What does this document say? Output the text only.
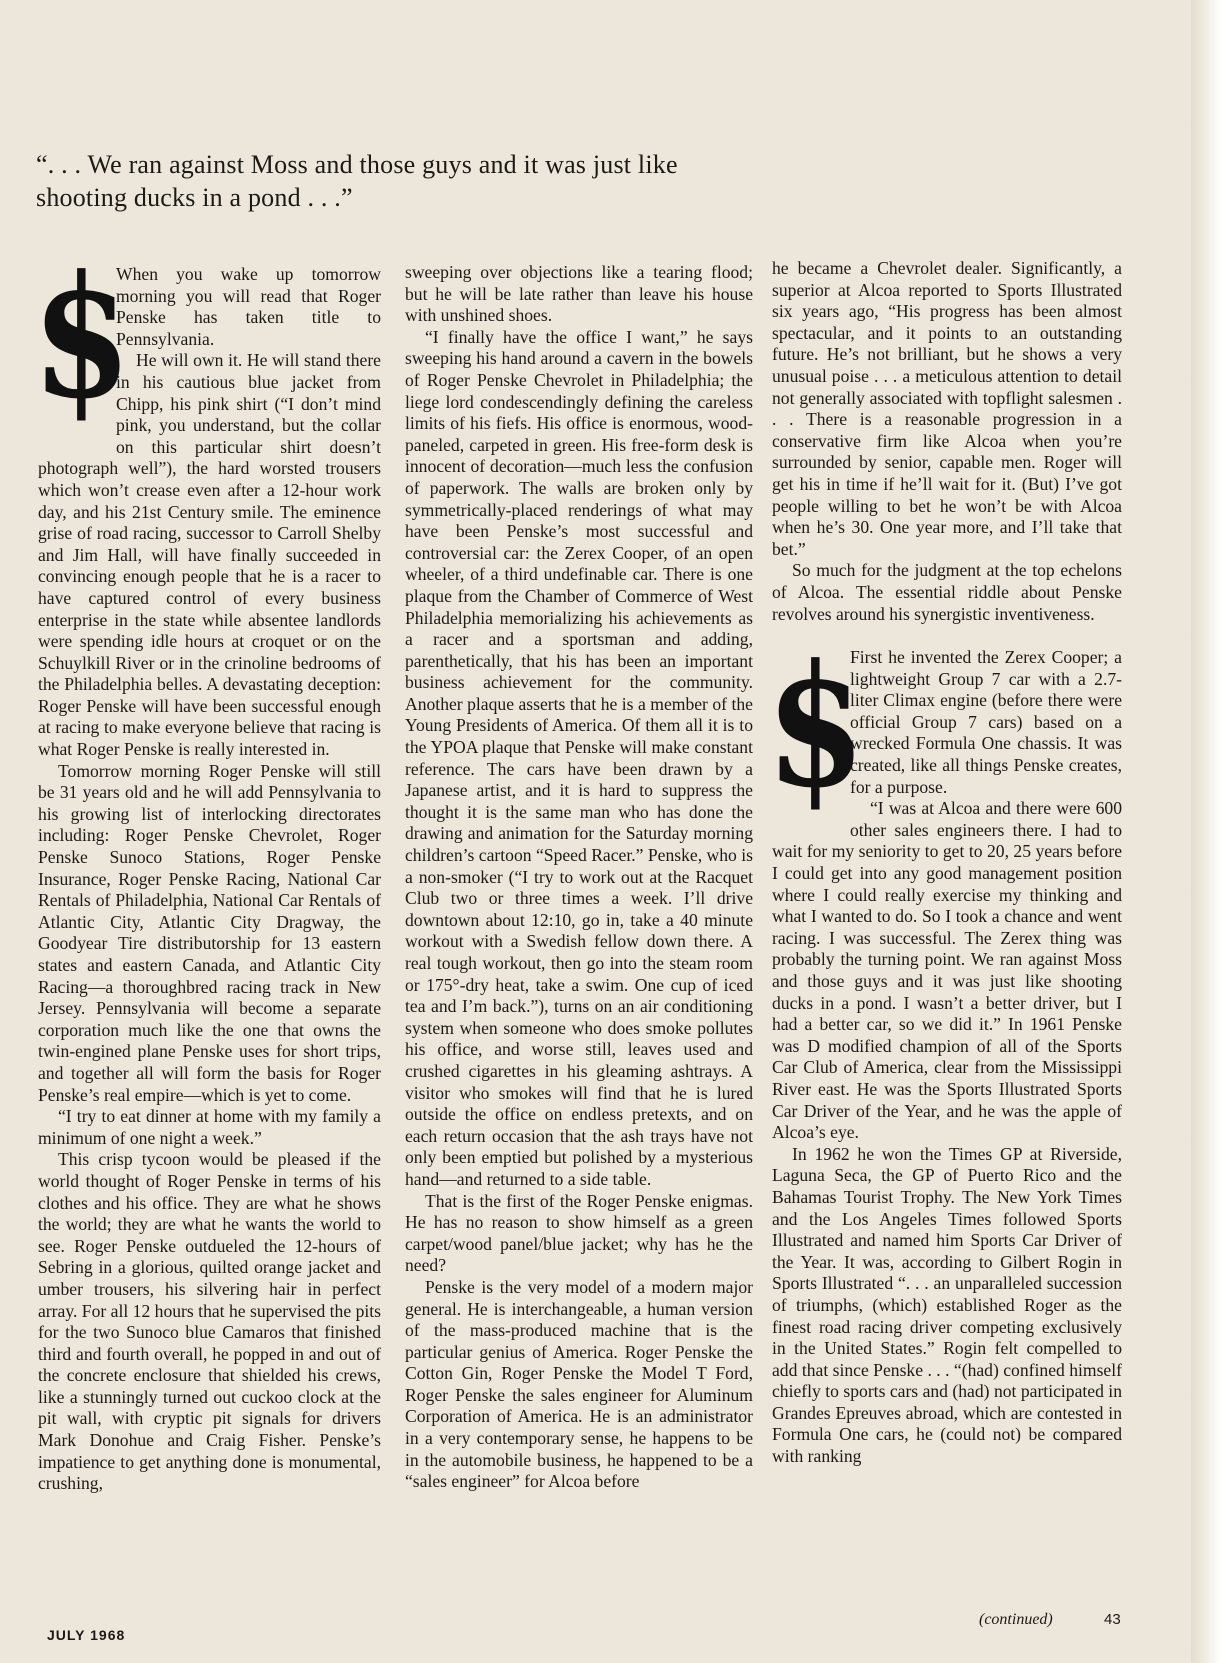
“. . . We ran against Moss and those guys and it was just like shooting ducks in a pond . . .”
$

When you wake up tomorrow morning you will read that Roger Penske has taken title to Pennsylvania.

He will own it. He will stand there in his cautious blue jacket from Chipp, his pink shirt (“I don’t mind pink, you understand, but the collar on this particular shirt doesn’t photograph well”), the hard worsted trousers which won’t crease even after a 12-hour work day, and his 21st Century smile. The eminence grise of road racing, successor to Carroll Shelby and Jim Hall, will have finally succeeded in convincing enough people that he is a racer to have captured control of every business enterprise in the state while absentee landlords were spending idle hours at croquet or on the Schuylkill River or in the crinoline bedrooms of the Philadelphia belles. A devastating deception: Roger Penske will have been successful enough at racing to make everyone believe that racing is what Roger Penske is really interested in.

Tomorrow morning Roger Penske will still be 31 years old and he will add Pennsylvania to his growing list of interlocking directorates including: Roger Penske Chevrolet, Roger Penske Sunoco Stations, Roger Penske Insurance, Roger Penske Racing, National Car Rentals of Philadelphia, National Car Rentals of Atlantic City, Atlantic City Dragway, the Goodyear Tire distributorship for 13 eastern states and eastern Canada, and Atlantic City Racing—a thoroughbred racing track in New Jersey. Pennsylvania will become a separate corporation much like the one that owns the twin-engined plane Penske uses for short trips, and together all will form the basis for Roger Penske’s real empire—which is yet to come.

“I try to eat dinner at home with my family a minimum of one night a week.”

This crisp tycoon would be pleased if the world thought of Roger Penske in terms of his clothes and his office. They are what he shows the world; they are what he wants the world to see. Roger Penske outdueled the 12-hours of Sebring in a glorious, quilted orange jacket and umber trousers, his silvering hair in perfect array. For all 12 hours that he supervised the pits for the two Sunoco blue Camaros that finished third and fourth overall, he popped in and out of the concrete enclosure that shielded his crews, like a stunningly turned out cuckoo clock at the pit wall, with cryptic pit signals for drivers Mark Donohue and Craig Fisher. Penske’s impatience to get anything done is monumental, crushing,

sweeping over objections like a tearing flood; but he will be late rather than leave his house with unshined shoes.

“I finally have the office I want,” he says sweeping his hand around a cavern in the bowels of Roger Penske Chevrolet in Philadelphia; the liege lord condescendingly defining the careless limits of his fiefs. His office is enormous, wood-paneled, carpeted in green. His free-form desk is innocent of decoration—much less the confusion of paperwork. The walls are broken only by symmetrically-placed renderings of what may have been Penske’s most successful and controversial car: the Zerex Cooper, of an open wheeler, of a third undefinable car. There is one plaque from the Chamber of Commerce of West Philadelphia memorializing his achievements as a racer and a sportsman and adding, parenthetically, that his has been an important business achievement for the community. Another plaque asserts that he is a member of the Young Presidents of America. Of them all it is to the YPOA plaque that Penske will make constant reference. The cars have been drawn by a Japanese artist, and it is hard to suppress the thought it is the same man who has done the drawing and animation for the Saturday morning children’s cartoon “Speed Racer.” Penske, who is a non-smoker (“I try to work out at the Racquet Club two or three times a week. I’ll drive downtown about 12:10, go in, take a 40 minute workout with a Swedish fellow down there. A real tough workout, then go into the steam room or 175°-dry heat, take a swim. One cup of iced tea and I’m back.”), turns on an air conditioning system when someone who does smoke pollutes his office, and worse still, leaves used and crushed cigarettes in his gleaming ashtrays. A visitor who smokes will find that he is lured outside the office on endless pretexts, and on each return occasion that the ash trays have not only been emptied but polished by a mysterious hand—and returned to a side table.

That is the first of the Roger Penske enigmas. He has no reason to show himself as a green carpet/wood panel/blue jacket; why has he the need?

Penske is the very model of a modern major general. He is interchangeable, a human version of the mass-produced machine that is the particular genius of America. Roger Penske the Cotton Gin, Roger Penske the Model T Ford, Roger Penske the sales engineer for Aluminum Corporation of America. He is an administrator in a very contemporary sense, he happens to be in the automobile business, he happened to be a “sales engineer” for Alcoa before

he became a Chevrolet dealer. Significantly, a superior at Alcoa reported to Sports Illustrated six years ago, “His progress has been almost spectacular, and it points to an outstanding future. He’s not brilliant, but he shows a very unusual poise . . . a meticulous attention to detail not generally associated with topflight salesmen . . . There is a reasonable progression in a conservative firm like Alcoa when you’re surrounded by senior, capable men. Roger will get his in time if he’ll wait for it. (But) I’ve got people willing to bet he won’t be with Alcoa when he’s 30. One year more, and I’ll take that bet.”

So much for the judgment at the top echelons of Alcoa. The essential riddle about Penske revolves around his synergistic inventiveness.

$

First he invented the Zerex Cooper; a lightweight Group 7 car with a 2.7-liter Climax engine (before there were official Group 7 cars) based on a wrecked Formula One chassis. It was created, like all things Penske creates, for a purpose.

“I was at Alcoa and there were 600 other sales engineers there. I had to wait for my seniority to get to 20, 25 years before I could get into any good management position where I could really exercise my thinking and what I wanted to do. So I took a chance and went racing. I was successful. The Zerex thing was probably the turning point. We ran against Moss and those guys and it was just like shooting ducks in a pond. I wasn’t a better driver, but I had a better car, so we did it.” In 1961 Penske was D modified champion of all of the Sports Car Club of America, clear from the Mississippi River east. He was the Sports Illustrated Sports Car Driver of the Year, and he was the apple of Alcoa’s eye.

In 1962 he won the Times GP at Riverside, Laguna Seca, the GP of Puerto Rico and the Bahamas Tourist Trophy. The New York Times and the Los Angeles Times followed Sports Illustrated and named him Sports Car Driver of the Year. It was, according to Gilbert Rogin in Sports Illustrated “. . . an unparalleled succession of triumphs, (which) established Roger as the finest road racing driver competing exclusively in the United States.” Rogin felt compelled to add that since Penske . . . “(had) confined himself chiefly to sports cars and (had) not participated in Grandes Epreuves abroad, which are contested in Formula One cars, he (could not) be compared with ranking

JULY 1968
(continued)	43
